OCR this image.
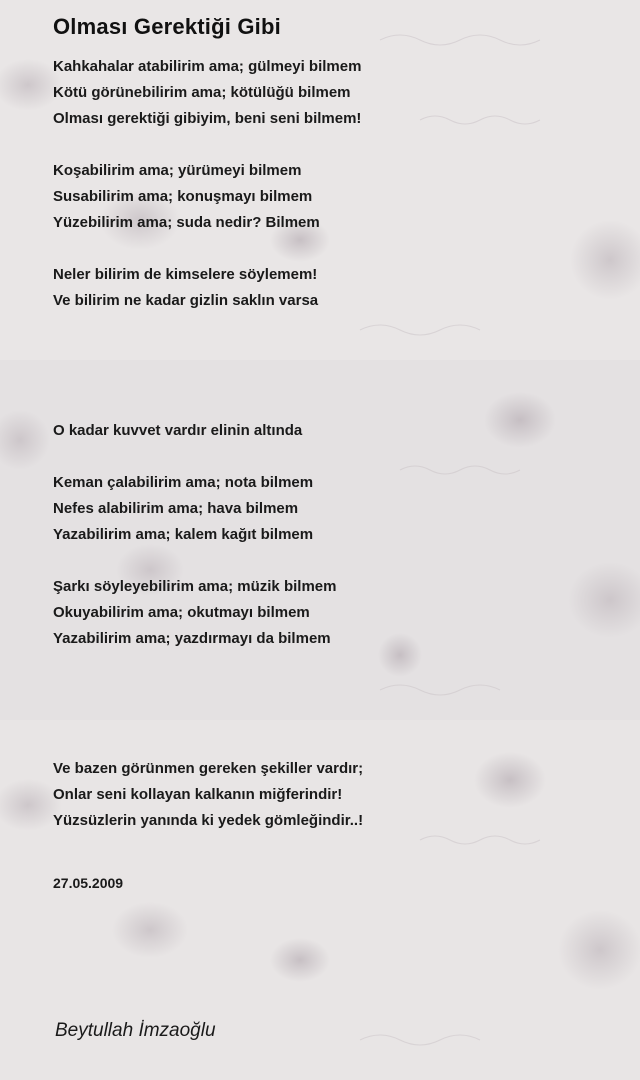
Olması Gerektiği Gibi
Kahkahalar atabilirim ama; gülmeyi bilmem
Kötü görünebilirim ama; kötülüğü bilmem
Olması gerektiği gibiyim, beni seni bilmem!
Koşabilirim ama; yürümeyi bilmem
Susabilirim ama; konuşmayı bilmem
Yüzebilirim ama; suda nedir? Bilmem
Neler bilirim de kimselere söylemem!
Ve bilirim ne kadar gizlin saklın varsa
O kadar kuvvet vardır elinin altında
Keman çalabilirim ama; nota bilmem
Nefes alabilirim ama; hava bilmem
Yazabilirim ama; kalem kağıt bilmem
Şarkı söyleyebilirim ama; müzik bilmem
Okuyabilirim ama; okutmayı bilmem
Yazabilirim ama; yazdırmayı da bilmem
Ve bazen görünmen gereken şekiller vardır;
Onlar seni kollayan kalkanın miğferindir!
Yüzsüzlerin yanında ki yedek gömleğindir..!
27.05.2009
Beytullah İmzaoğlu
